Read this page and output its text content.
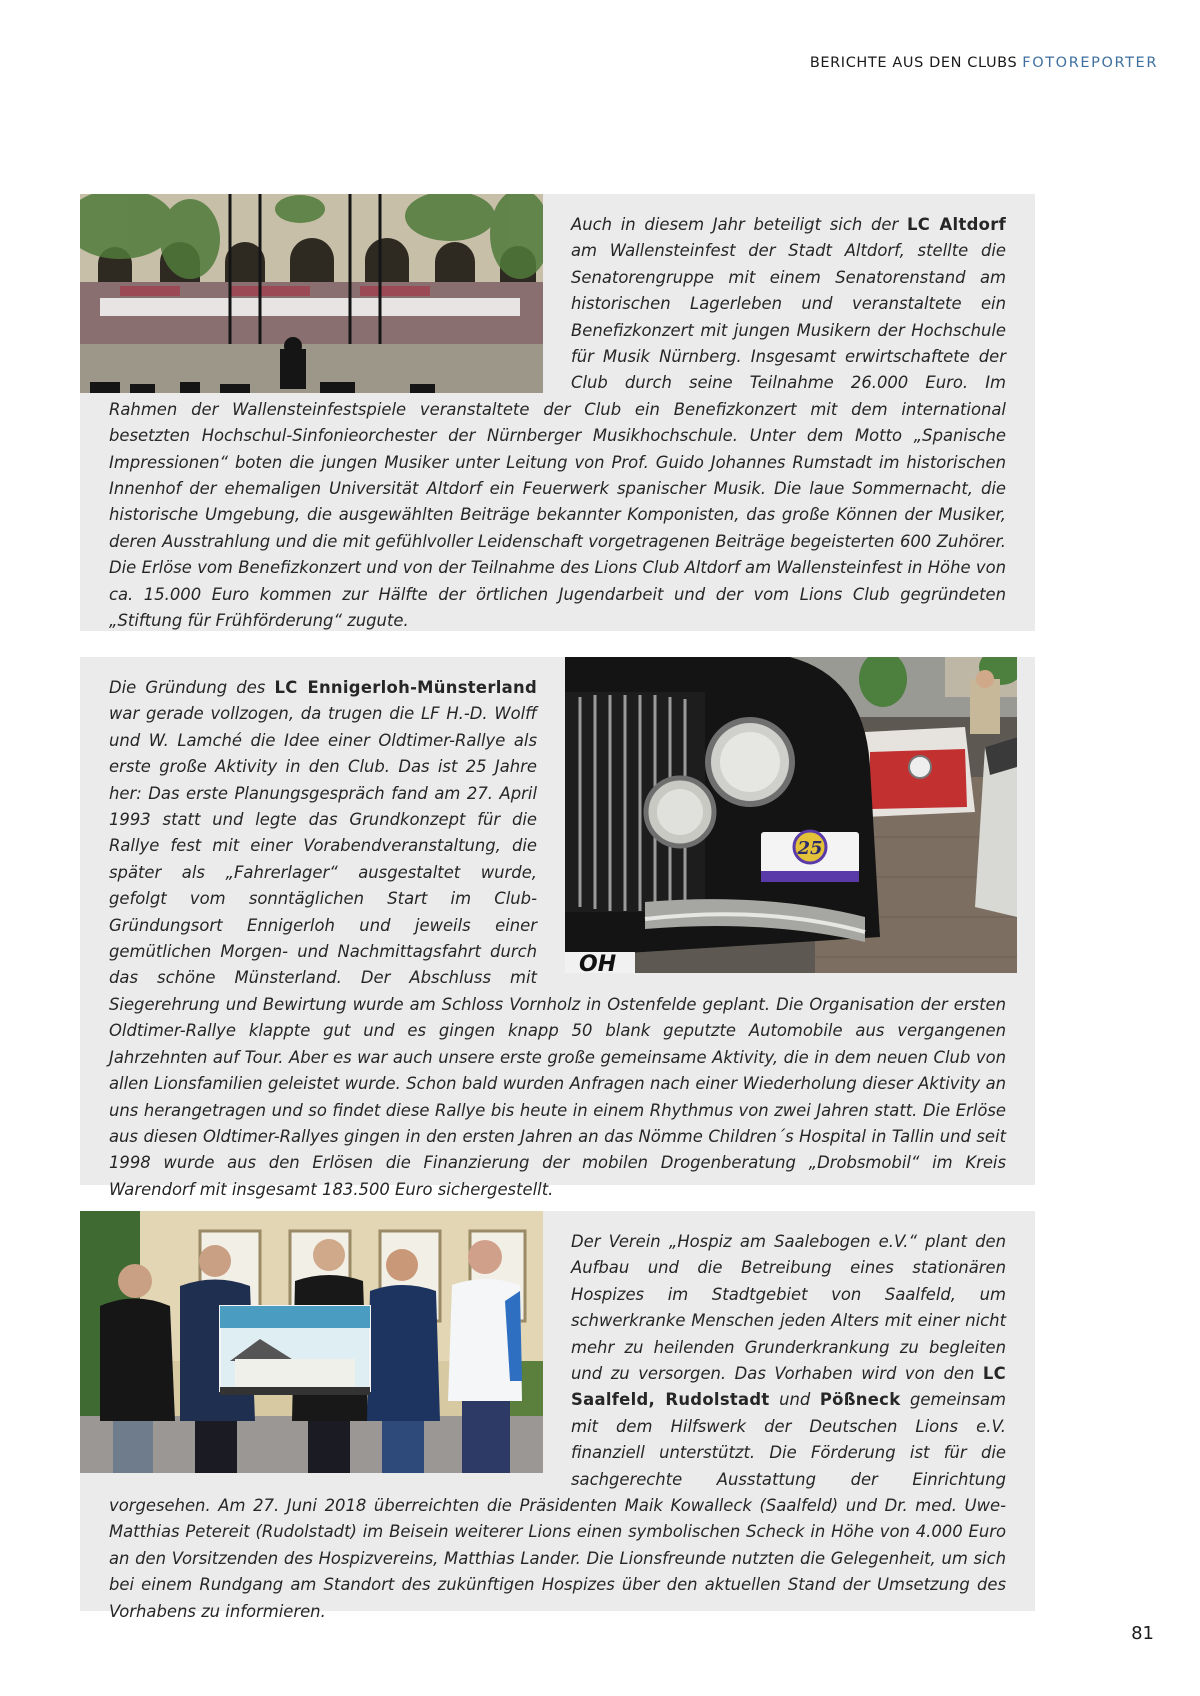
BERICHTE AUS DEN CLUBS FOTOREPORTER
Auch in diesem Jahr beteiligt sich der LC Altdorf am Wallensteinfest der Stadt Altdorf, stellte die Senatorengruppe mit einem Senatorenstand am historischen Lagerleben und veranstaltete ein Benefizkonzert mit jungen Musikern der Hochschule für Musik Nürnberg. Insgesamt erwirtschaftete der Club durch seine Teilnahme 26.000 Euro. Im Rahmen der Wallensteinfestspiele veranstaltete der Club ein Benefizkonzert mit dem international besetzten Hochschul-Sinfonieorchester der Nürnberger Musikhochschule. Unter dem Motto „Spanische Impressionen“ boten die jungen Musiker unter Leitung von Prof. Guido Johannes Rumstadt im historischen Innenhof der ehemaligen Universität Altdorf ein Feuerwerk spanischer Musik. Die laue Sommernacht, die historische Umgebung, die ausgewählten Beiträge bekannter Komponisten, das große Können der Musiker, deren Ausstrahlung und die mit gefühlvoller Leidenschaft vorgetragenen Beiträge begeisterten 600 Zuhörer. Die Erlöse vom Benefizkonzert und von der Teilnahme des Lions Club Altdorf am Wallensteinfest in Höhe von ca. 15.000 Euro kommen zur Hälfte der örtlichen Jugendarbeit und der vom Lions Club gegründeten „Stiftung für Frühförderung“ zugute.
25
OH
Die Gründung des LC Ennigerloh-Münsterland war gerade vollzogen, da trugen die LF H.-D. Wolff und W. Lamché die Idee einer Oldtimer-Rallye als erste große Aktivity in den Club. Das ist 25 Jahre her: Das erste Planungsgespräch fand am 27. April 1993 statt und legte das Grundkonzept für die Rallye fest mit einer Vorabendveranstaltung, die später als „Fahrerlager“ ausgestaltet wurde, gefolgt vom sonntäglichen Start im Club-Gründungsort Ennigerloh und jeweils einer gemütlichen Morgen- und Nachmittagsfahrt durch das schöne Münsterland. Der Abschluss mit Siegerehrung und Bewirtung wurde am Schloss Vornholz in Ostenfelde geplant. Die Organisation der ersten Oldtimer-Rallye klappte gut und es gingen knapp 50 blank geputzte Automobile aus vergangenen Jahrzehnten auf Tour. Aber es war auch unsere erste große gemeinsame Aktivity, die in dem neuen Club von allen Lionsfamilien geleistet wurde. Schon bald wurden Anfragen nach einer Wiederholung dieser Aktivity an uns herangetragen und so findet diese Rallye bis heute in einem Rhythmus von zwei Jahren statt. Die Erlöse aus diesen Oldtimer-Rallyes gingen in den ersten Jahren an das Nömme Children´s Hospital in Tallin und seit 1998 wurde aus den Erlösen die Finanzierung der mobilen Drogenberatung „Drobsmobil“ im Kreis Warendorf mit insgesamt 183.500 Euro sichergestellt.
Der Verein „Hospiz am Saalebogen e.V.“ plant den Aufbau und die Betreibung eines stationären Hospizes im Stadtgebiet von Saalfeld, um schwerkranke Menschen jeden Alters mit einer nicht mehr zu heilenden Grunderkrankung zu begleiten und zu versorgen. Das Vorhaben wird von den LC Saalfeld, Rudolstadt und Pößneck gemeinsam mit dem Hilfswerk der Deutschen Lions e.V. finanziell unterstützt. Die Förderung ist für die sachgerechte Ausstattung der Einrichtung vorgesehen. Am 27. Juni 2018 überreichten die Präsidenten Maik Kowalleck (Saalfeld) und Dr. med. Uwe-Matthias Petereit (Rudolstadt) im Beisein weiterer Lions einen symbolischen Scheck in Höhe von 4.000 Euro an den Vorsitzenden des Hospizvereins, Matthias Lander. Die Lionsfreunde nutzten die Gelegenheit, um sich bei einem Rundgang am Standort des zukünftigen Hospizes über den aktuellen Stand der Umsetzung des Vorhabens zu informieren.
81
